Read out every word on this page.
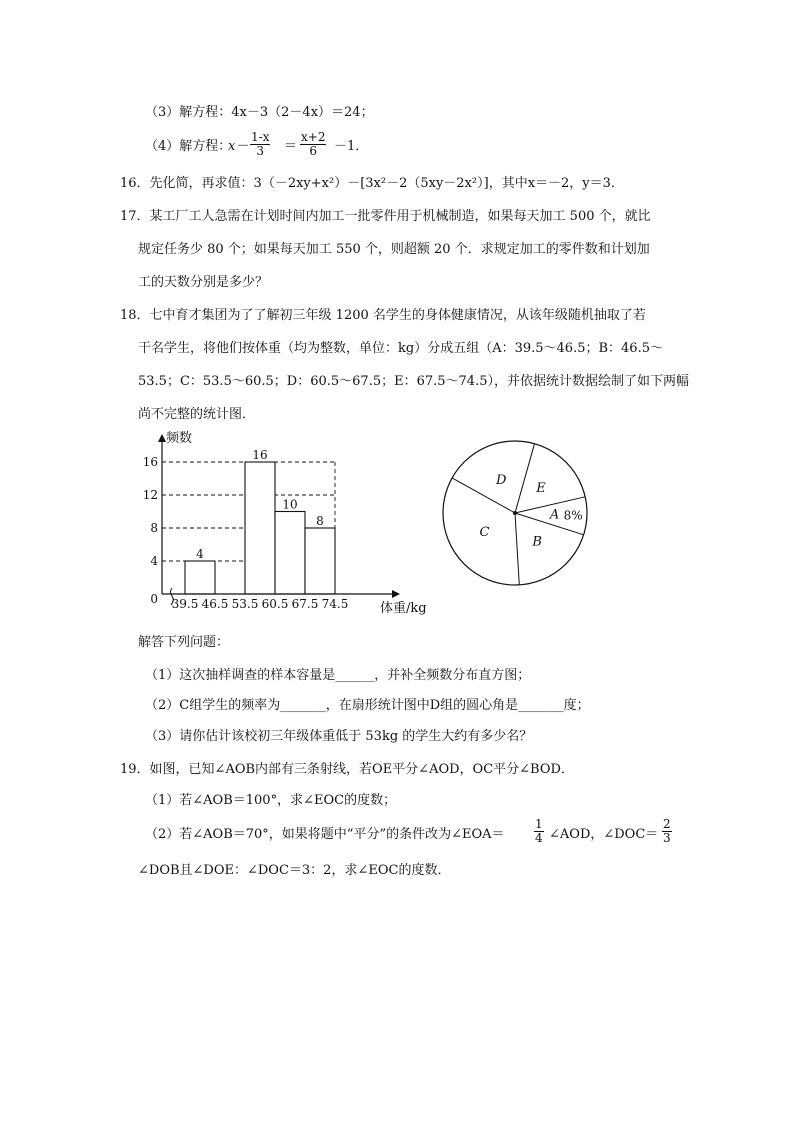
（3）解方程：4x－3（2－4x）＝24；
（4）解方程：
$x- \frac{1-x}{3} = \frac{x+2}{6} -1$．
16．先化简，再求值：3（－2xy+x²）－[3x²－2（5xy－2x²）]，其中x＝－2，y＝3．
17．某工厂工人急需在计划时间内加工一批零件用于机械制造，如果每天加工 500 个，就比
规定任务少 80 个；如果每天加工 550 个，则超额 20 个．求规定加工的零件数和计划加
工的天数分别是多少？
18．七中育才集团为了了解初三年级 1200 名学生的身体健康情况，从该年级随机抽取了若
干名学生，将他们按体重（均为整数，单位：kg）分成五组（A：39.5～46.5；B：46.5～
53.5；C：53.5～60.5；D：60.5～67.5；E：67.5～74.5），并依据统计数据绘制了如下两幅
尚不完整的统计图．
4
16
10
8
0
4
8
12
16
39.5 46.5 53.5 60.5 67.5 74.5
频数
体重/kg
A 8%
B
C
D
E
解答下列问题：
（1）这次抽样调查的样本容量是______，并补全频数分布直方图；
（2）C组学生的频率为_______，在扇形统计图中D组的圆心角是_______度；
（3）请你估计该校初三年级体重低于 53kg 的学生大约有多少名？
19．如图，已知∠AOB内部有三条射线，若OE平分∠AOD，OC平分∠BOD．
（1）若∠AOB＝100°，求∠EOC的度数；
（2）若∠AOB＝70°，如果将题中“平分”的条件改为∠EOA＝ $\frac{1}{4}$ ∠AOD，∠DOC＝ $\frac{2}{3}$
∠DOB且∠DOE：∠DOC＝3：2，求∠EOC的度数．
